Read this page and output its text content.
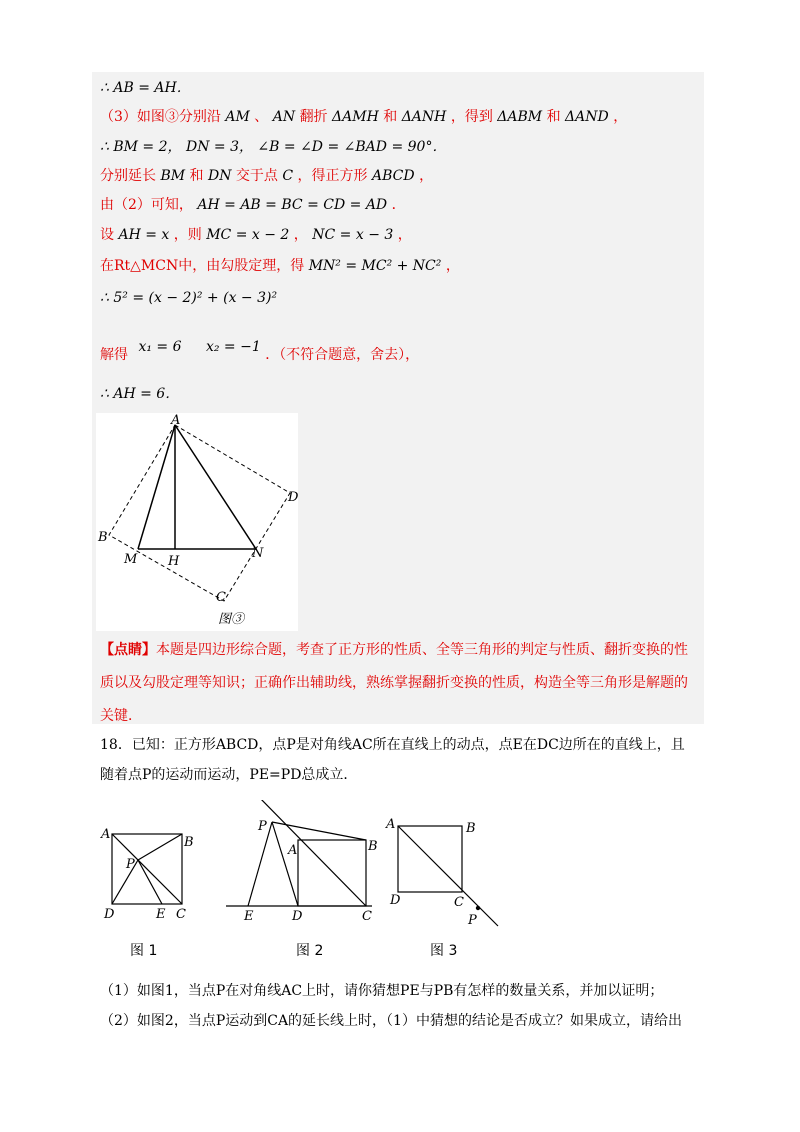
∴ AB = AH．
（3）如图③分别沿 AM 、 AN 翻折 ΔAMH 和 ΔANH ，得到 ΔABM 和 ΔAND ，
∴ BM = 2， DN = 3， ∠B = ∠D = ∠BAD = 90°．
分别延长 BM 和 DN 交于点 C ，得正方形 ABCD ，
由（2）可知， AH = AB = BC = CD = AD ．
设 AH = x ，则 MC = x − 2 ， NC = x − 3 ，
在Rt△MCN中，由勾股定理，得 MN² = MC² + NC² ，
∴ 5² = (x − 2)² + (x − 3)²
解得 x₁ = 6 x₂ = −1 ．（不符合题意，舍去），
∴ AH = 6．
A
B
C
D
M H
N
图③
【点睛】本题是四边形综合题，考查了正方形的性质、全等三角形的判定与性质、翻折变换的性质以及勾股定理等知识；正确作出辅助线，熟练掌握翻折变换的性质，构造全等三角形是解题的关键．
18．已知：正方形ABCD，点P是对角线AC所在直线上的动点，点E在DC边所在的直线上，且
随着点P的运动而运动，PE=PD总成立．
A
B
C
D
P
E
图 1
P
A	B
C
D
E
图 2
A	B
C
D
P
图 3
（1）如图1，当点P在对角线AC上时，请你猜想PE与PB有怎样的数量关系，并加以证明；
（2）如图2，当点P运动到CA的延长线上时，（1）中猜想的结论是否成立？如果成立，请给出
